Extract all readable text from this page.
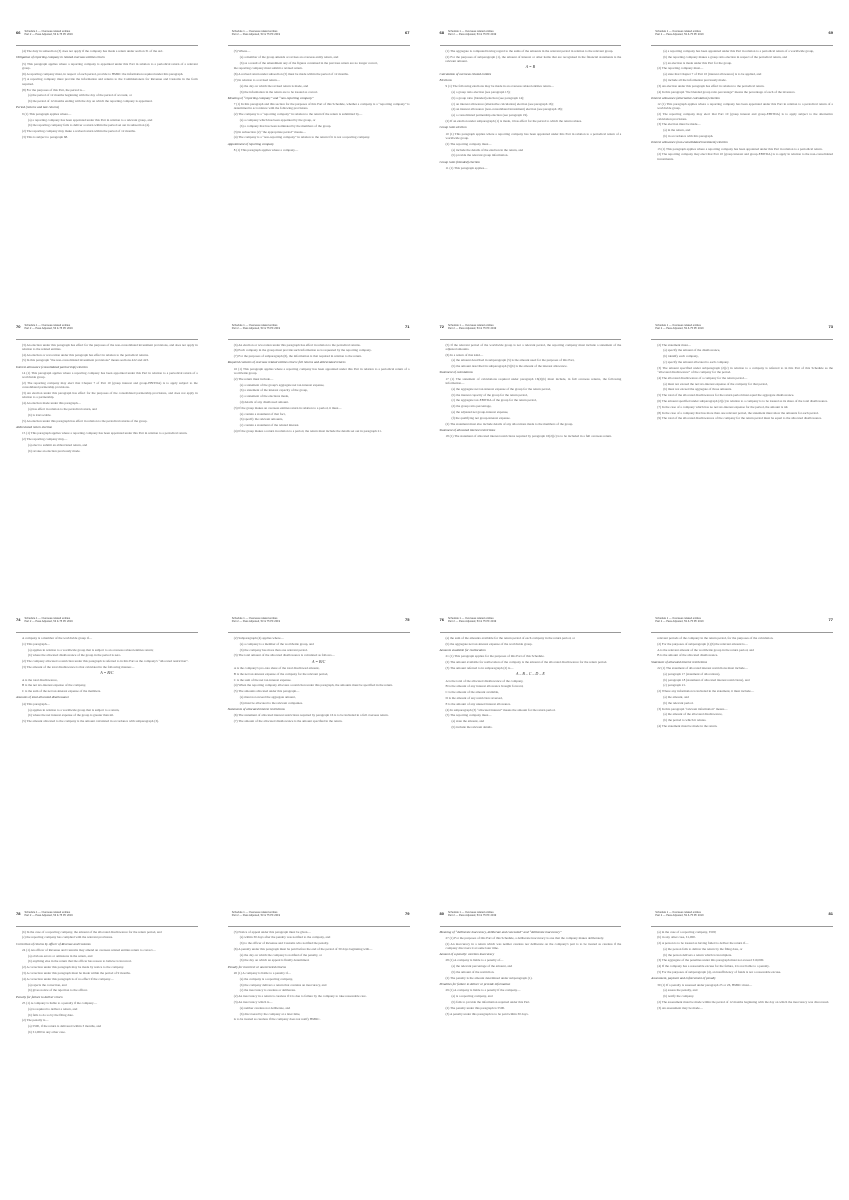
66	Schedule 1 — Overseas related entities
Part 2 — Pass Adjusted, 53 & 75 PF 2019
(4) The duty in subsection (3) does not apply if the company has made a return under section 31 of the Act.
Obligation of reporting company in related overseas entities return
(5) This paragraph applies where a reporting company is appointed under this Part in relation to a periodical return of a relevant group.
(6) A reporting company must, in respect of each period, provide to HMRC the information required under this paragraph.
(7) A reporting company must provide the information and returns to the Commissioners for Revenue and Customs in the form required.
(8) For the purposes of this Part, the period is—
(a) the period of 12 months beginning with the day of the period of account, or
(b) the period of 12 months ending with the day on which the reporting company is appointed.
Period (returns and late returns)
9 (1) This paragraph applies where—
(a) a reporting company has been appointed under this Part in relation to a relevant group, and
(b) the reporting company fails to deliver a return within the period set out in subsection (4).
(2) The reporting company may make a revised return within the period of 12 months.
(3) This is subject to paragraph 68.
Schedule 1 — Overseas related entities
Part 2 — Pass Adjusted, 53 & 75 PF 2019	67
(5) Where—
(a) a member of the group amends or revises an overseas entity return, and
(b) as a result of the amendment any of the figures contained in the previous return are no longer correct,
the reporting company must submit a revised return.
(6) A revised return under subsection (5) must be made within the period of 12 months.
(7) In relation to a revised return—
(a) the day on which the revised return is made, and
(b) the information in the return are to be treated as correct.
Meaning of “reporting company” and “non-reporting company”
7 (1) In this paragraph and this section for the purposes of this Part of this Schedule, whether a company is a “reporting company” is determined in accordance with the following provisions.
(2) The company is a “reporting company” in relation to the return if the return is submitted by—
(a) a company which has been appointed by the group, or
(b) a company that has been nominated by the members of the group.
(3) In subsection (2) “the appropriate period” means—
(4) The company is a “non-reporting company” in relation to the return if it is not a reporting company.
Appointment of reporting company
8 (1) This paragraph applies where a company—
68	Schedule 1 — Overseas related entities
Part 2 — Pass Adjusted, 53 & 75 PF 2019
(1) The aggregate is computed having regard to the sums of the amounts in the relevant period in relation to the relevant group.
(2) For the purposes of subparagraph (1), the amount of interest or other items that are recognised in the financial statements is the relevant amount.
A = B
Calculation of overseas related entities
Elections
9 (1) The following elections may be made in an overseas related entities return—
(a) a group ratio election (see paragraph 13);
(b) a group ratio (blended) election (see paragraph 14);
(c) an interest allowance (alternative calculation) election (see paragraph 16);
(d) an interest allowance (non-consolidated investment) election (see paragraph 18);
(e) a consolidated partnership election (see paragraph 19).
(2) If an election under subparagraph (1) is made, it has effect for the period to which the return relates.
Group ratio election
10 (1) This paragraph applies where a reporting company has been appointed under this Part in relation to a periodical return of a worldwide group.
(2) The reporting company must—
(a) include the details of the election in the return, and
(b) provide the relevant group information.
Group ratio (blended) election
11 (1) This paragraph applies—
Schedule 1 — Overseas related entities
Part 2 — Pass Adjusted, 53 & 75 PF 2019	69
(a) a reporting company has been appointed under this Part in relation to a periodical return of a worldwide group,
(b) the reporting company makes a group ratio election in respect of the periodical return, and
(c) an election is made under this Part for the group.
(2) The reporting company must—
(a) state that Chapter 7 of Part 10 (interest allowance) is to be applied, and
(b) include all the information previously made.
(3) An election under this paragraph has effect in relation to the periodical return.
(4) In this paragraph “the blended group ratio percentage” means the percentage of each of the investors.
Interest allowance (alternative calculation) election
12 (1) This paragraph applies where a reporting company has been appointed under this Part in relation to a periodical return of a worldwide group.
(2) The reporting company may elect that Part 10 (group interest and group-EBITDA) is to apply subject to the alternative calculation provisions.
(3) The election must be made—
(a) in the return, and
(b) in accordance with this paragraph.
Interest allowance (non-consolidated investment) election
13 (1) This paragraph applies where a reporting company has been appointed under this Part in relation to a periodical return.
(2) The reporting company may elect that Part 10 (group interest and group-EBITDA) is to apply in relation to the non-consolidated investments.
70	Schedule 1 — Overseas related entities
Part 2 — Pass Adjusted, 53 & 75 PF 2019
(3) An election under this paragraph has effect for the purposes of the non-consolidated investment provisions, and does not apply in relation to the related entities.
(4) An election or revocation under this paragraph has effect in relation to the periodical returns.
(5) In this paragraph “the non-consolidated investment provisions” means sections 422 and 423.
Interest allowance (consolidated partnership) election
14 (1) This paragraph applies where a reporting company has been appointed under this Part in relation to a periodical return of a worldwide group.
(2) The reporting company may elect that Chapter 7 of Part 10 (group interest and group-EBITDA) is to apply subject to the consolidated partnership provisions.
(3) An election under this paragraph has effect for the purposes of the consolidated partnership provisions, and does not apply in relation to a partnership.
(4) An election made under this paragraph—
(a) has effect in relation to the periodical return, and
(b) is irrevocable.
(5) An election under this paragraph has effect in relation to the periodical returns of the group.
Abbreviated return election
15 (1) This paragraph applies where a reporting company has been appointed under this Part in relation to a periodical return.
(2) The reporting company may—
(a) elect to submit an abbreviated return, and
(b) revoke an election previously made.
Schedule 1 — Overseas related entities
Part 2 — Pass Adjusted, 53 & 75 PF 2019	71
(b) An election or revocation under this paragraph has effect in relation to the periodical returns.
(6) Each company in the group must provide such information as is requested by the reporting company.
(7) For the purposes of subparagraph (6), the information is that required in relation to the return.
Required contents of overseas related entities return: full returns and abbreviated returns
16 (1) This paragraph applies where a reporting company has been appointed under this Part in relation to a periodical return of a worldwide group.
(2) The return must include—
(a) a statement of the group's aggregate net tax-interest expense,
(b) a statement of the interest capacity of the group,
(c) a statement of the elections made,
(d) details of any disallowed amount.
(3) If the group makes an overseas entities return in relation to a period, it must—
(a) contain a statement of that fact,
(b) specify the relevant amounts,
(c) contain a statement of the related interest.
(4) If the group makes a return in relation to a period, the return must include the details set out in paragraph 21.
72	Schedule 1 — Overseas related entities
Part 2 — Pass Adjusted, 53 & 75 PF 2019
(5) If the relevant period of the worldwide group is not a relevant period, the reporting company must include a statement of the adjusted amounts.
(6) In a return of that kind—
(a) the amount described in subparagraph (5) is the amount used for the purposes of this Part,
(b) the amount described in subparagraph (5)(b) is the amount of the interest allowance.
Statement of calculations
17 (1) The statement of calculations required under paragraph 16(2)(b) must include, in full overseas returns, the following information—
(a) the aggregate net tax-interest expense of the group for the return period,
(b) the interest capacity of the group for the return period,
(c) the aggregate tax-EBITDA of the group for the return period,
(d) the group ratio percentage,
(e) the adjusted net group-interest expense,
(f) the qualifying net group-interest expense.
(2) The statement must also include details of any allocations made to the members of the group.
Statement of allocated interest restrictions
18 (1) The statement of allocated interest restrictions required by paragraph 16(2)(c) is to be included in a full overseas return.
Schedule 1 — Overseas related entities
Part 2 — Pass Adjusted, 53 & 75 PF 2019	73
(2) The statement must—
(a) specify the amount of the disallowance,
(b) identify each company,
(c) specify the amount allocated to each company.
(3) The amount specified under subparagraph (2)(c) in relation to a company is referred to in this Part of this Schedule as the “allocated disallowance” of the company for the period.
(4) The allocated disallowance of a company for the return period—
(a) must not exceed the net tax-interest expense of the company for that period,
(b) must not exceed the aggregate of those amounts.
(5) The total of the allocated disallowances for the return period must equal the aggregate disallowance.
(6) The amount specified under subparagraph (2)(c) in relation to a company is to be treated as its share of the total disallowance.
(7) In the case of a company which has no net tax-interest expense for the period, the amount is nil.
(8) In the case of a company that has more than one relevant period, the statement must show the amounts for each period.
(9) The total of the allocated disallowances of the company for the return period must be equal to the allocated disallowance.
74	Schedule 1 — Overseas related entities
Part 2 — Pass Adjusted, 53 & 75 PF 2019
A company is a member of the worldwide group if—
(1) This paragraph—
(a) applies in relation to a worldwide group that is subject to an overseas related entities return;
(b) where the allocated disallowance of the group in the period is zero.
(2) The company allocated a restriction under this paragraph is referred to in this Part as the company's “allocated restriction”.
(3) The amount of the total disallowance is that calculated in the following manner—
A = B/C
A is the total disallowance,
B is the net tax-interest expense of the company,
C is the sum of the net tax-interest expense of the members.
Amounts of total allocated disallowance
(4) This paragraph—
(a) applies in relation to a worldwide group that is subject to a return,
(b) where the net interest expense of the group is greater than nil.
(5) The amount allocated to the company is the amount calculated in accordance with subparagraph (3).
Schedule 1 — Overseas related entities
Part 2 — Pass Adjusted, 53 & 75 PF 2019	75
(2) Subparagraph (4) applies where—
(a) a company is a member of the worldwide group, and
(b) the company has more than one relevant period.
(3) The total amount of the allocated disallowance is calculated as follows—
A = B/C
A is the company's pro-rata share of the total disallowed amount,
B is the net tax-interest expense of the company for the relevant period,
C is the sum of the net tax-interest expense.
(4) When the reporting company allocates a restriction under this paragraph, the amounts must be specified in the return.
(5) The amounts allocated under this paragraph—
(a) must not exceed the aggregate amount,
(b) must be allocated to the relevant companies.
Statements of allocated interest restrictions
(6) The statement of allocated interest restrictions required by paragraph 16 is to be included in a full overseas return.
(7) The amount of the allocated disallowance is the amount specified in the return.
76	Schedule 1 — Overseas related entities
Part 2 — Pass Adjusted, 53 & 75 PF 2019
(a) the sum of the amounts available for the return period of each company in the return period, or
(b) the aggregate net tax-interest expense of the worldwide group.
Amounts available for reallocation
21 (1) This paragraph applies for the purposes of this Part of this Schedule.
(2) The amount available for reallocation of the company is the amount of the allocated disallowance for the return period.
(3) The amount referred to in subparagraph (2) is—
A – B – C – D – E
A is the total of the allocated disallowance of the company,
B is the amount of any interest allowance brought forward,
C is the amount of the amount available,
D is the amount of any restriction reversed,
E is the amount of any unused interest allowance.
(4) In subparagraph (3) “allocated interest” means the amount for the return period.
(5) The reporting company must—
(a) state the amount, and
(b) include the relevant details.
Schedule 1 — Overseas related entities
Part 2 — Pass Adjusted, 53 & 75 PF 2019	77
relevant periods of the company in the return period, for the purposes of the calculation.
(2) For the purposes of subparagraph (1)(b) the relevant amount is—
A is the relevant amount of the worldwide group in the return period, and
B is the amount of the allocated disallowance.
Statement of allocated interest restrictions
22 (1) The statement of allocated interest restrictions must include—
(a) paragraph 17 (statement of allocations),
(b) paragraph 18 (statement of allocated interest restrictions), and
(c) paragraph 21.
(2) Where any information is included in the statement, it must include—
(a) the amount, and
(b) the relevant period.
(3) In this paragraph “relevant information” means—
(a) the amount of the allocated disallowance,
(b) the period to which it relates.
(4) The statement must be made in the return.
78	Schedule 1 — Overseas related entities
Part 2 — Pass Adjusted, 53 & 75 PF 2019
(b) In the case of a reporting company, the amount of the allocated disallowance for the return period, and
(c) the reporting company has complied with the relevant provisions.
Correction of returns by officer of Revenue and Customs
24 (1) An officer of Revenue and Customs may amend an overseas related entities return to correct—
(a) obvious errors or omissions in the return, and
(b) anything else in the return that the officer has reason to believe is incorrect.
(2) A correction under this paragraph may be made by notice to the company.
(3) A correction under this paragraph must be made within the period of 9 months.
(4) A correction under this paragraph is of no effect if the company—
(a) rejects the correction, and
(b) gives notice of the rejection to the officer.
Penalty for failure to deliver return
25 (1) A company is liable to a penalty if the company—
(a) is required to deliver a return, and
(b) fails to do so by the filing date.
(2) The penalty is—
(a) £500, if the return is delivered within 3 months, and
(b) £1,000 in any other case.
Schedule 1 — Overseas related entities
Part 2 — Pass Adjusted, 53 & 75 PF 2019	79
(5) Notice of appeal under this paragraph must be given—
(a) within 30 days after the penalty was notified to the company, and
(b) to the officer of Revenue and Customs who notified the penalty.
(6) A penalty under this paragraph must be paid before the end of the period of 30 days beginning with—
(a) the day on which the company is notified of the penalty, or
(b) the day on which an appeal is finally determined.
Penalty for incorrect or uncorrected returns
26 (1) A company is liable to a penalty if—
(a) the company is a reporting company,
(b) the company delivers a return that contains an inaccuracy, and
(c) the inaccuracy is careless or deliberate.
(2) An inaccuracy in a return is careless if it is due to failure by the company to take reasonable care.
(3) An inaccuracy which is—
(a) neither careless nor deliberate, and
(b) discovered by the company at a later time,
is to be treated as careless if the company does not notify HMRC.
80	Schedule 1 — Overseas related entities
Part 2 — Pass Adjusted, 53 & 75 PF 2019
Meaning of “deliberate inaccuracy, deliberate and concealed” and “deliberate inaccuracy”
27 (1) For the purposes of this Part of this Schedule, a deliberate inaccuracy is one that the company makes deliberately.
(2) An inaccuracy in a return which was neither careless nor deliberate on the company's part is to be treated as careless if the company discovers it at some later time.
Amount of a penalty: careless inaccuracy
28 (1) A company is liable to a penalty of—
(a) the relevant percentage of the amount, and
(b) the amount of the restriction.
(2) The penalty is the amount determined under subparagraph (1).
Penalties for failure to deliver or provide information
29 (1) A company is liable to a penalty if the company—
(a) is a reporting company, and
(b) fails to provide the information required under this Part.
(2) The penalty under this paragraph is £500.
(3) A penalty under this paragraph is to be paid within 30 days.
Schedule 1 — Overseas related entities
Part 2 — Pass Adjusted, 53 & 75 PF 2019	81
(a) in the case of a reporting company, £500;
(b) in any other case, £1,000.
(2) A person is to be treated as having failed to deliver the return if—
(a) the person fails to deliver the return by the filing date, or
(b) the person delivers a return which is incomplete.
(3) The aggregate of the penalties under this paragraph must not exceed £10,000.
(4) If the company has a reasonable excuse for the failure, it is not liable to a penalty.
(5) For the purposes of subparagraph (4), an insufficiency of funds is not a reasonable excuse.
Assessment, payment and enforcement of penalty
30 (1) If a penalty is assessed under paragraph 25 or 26, HMRC must—
(a) assess the penalty, and
(b) notify the company.
(2) The assessment must be made within the period of 12 months beginning with the day on which the inaccuracy was discovered.
(3) An assessment may be made—
